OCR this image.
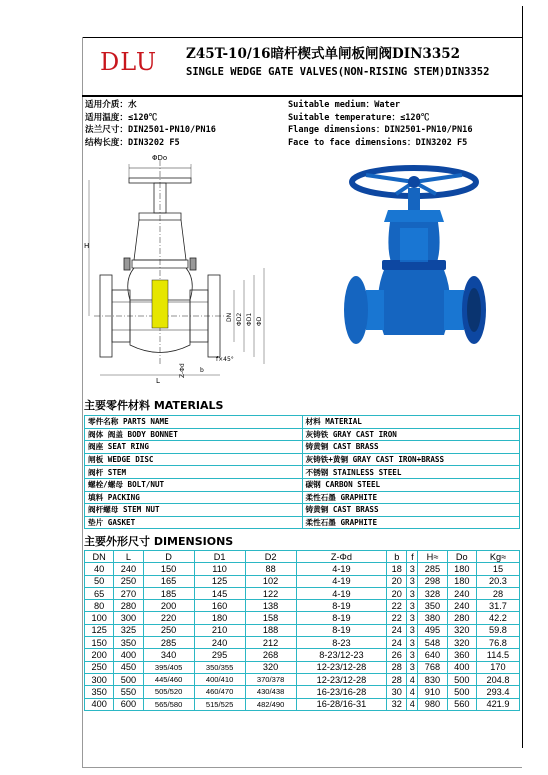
DLU Z45T-10/16暗杆楔式单闸板闸阀DIN3352
SINGLE WEDGE GATE VALVES(NON-RISING STEM)DIN3352
适用介质：水
适用温度：≤120℃
法兰尺寸：DIN2501-PN10/PN16
结构长度：DIN3202 F5
Suitable medium：Water
Suitable temperature：≤120℃
Flange dimensions：DIN2501-PN10/PN16
Face to face dimensions：DIN3202 F5
ΦDo
H
DN ΦD2 ΦD1 ΦD
L
b
Z-Φd
f×45°
主要零件材料 MATERIALS
零件名称 PARTS NAME	材料 MATERIAL
阀体 阀盖 BODY BONNET	灰铸铁 GRAY CAST IRON
阀座 SEAT RING	铸黄铜 CAST BRASS
闸板 WEDGE DISC	灰铸铁+黄铜 GRAY CAST IRON+BRASS
阀杆 STEM	不锈钢 STAINLESS STEEL
螺栓/螺母 BOLT/NUT	碳钢 CARBON STEEL
填料 PACKING	柔性石墨 GRAPHITE
阀杆螺母 STEM NUT	铸黄铜 CAST BRASS
垫片 GASKET	柔性石墨 GRAPHITE
主要外形尺寸 DIMENSIONS
DN	L	D	D1	D2	Z-Φd	b	f	H≈	Do	Kg≈
40	240	150	110	88	4-19	18	3	285	180	15
50	250	165	125	102	4-19	20	3	298	180	20.3
65	270	185	145	122	4-19	20	3	328	240	28
80	280	200	160	138	8-19	22	3	350	240	31.7
100	300	220	180	158	8-19	22	3	380	280	42.2
125	325	250	210	188	8-19	24	3	495	320	59.8
150	350	285	240	212	8-23	24	3	548	320	76.8
200	400	340	295	268	8-23/12-23	26	3	640	360	114.5
250	450	395/405	350/355	320	12-23/12-28	28	3	768	400	170
300	500	445/460	400/410	370/378	12-23/12-28	28	4	830	500	204.8
350	550	505/520	460/470	430/438	16-23/16-28	30	4	910	500	293.4
400	600	565/580	515/525	482/490	16-28/16-31	32	4	980	560	421.9
